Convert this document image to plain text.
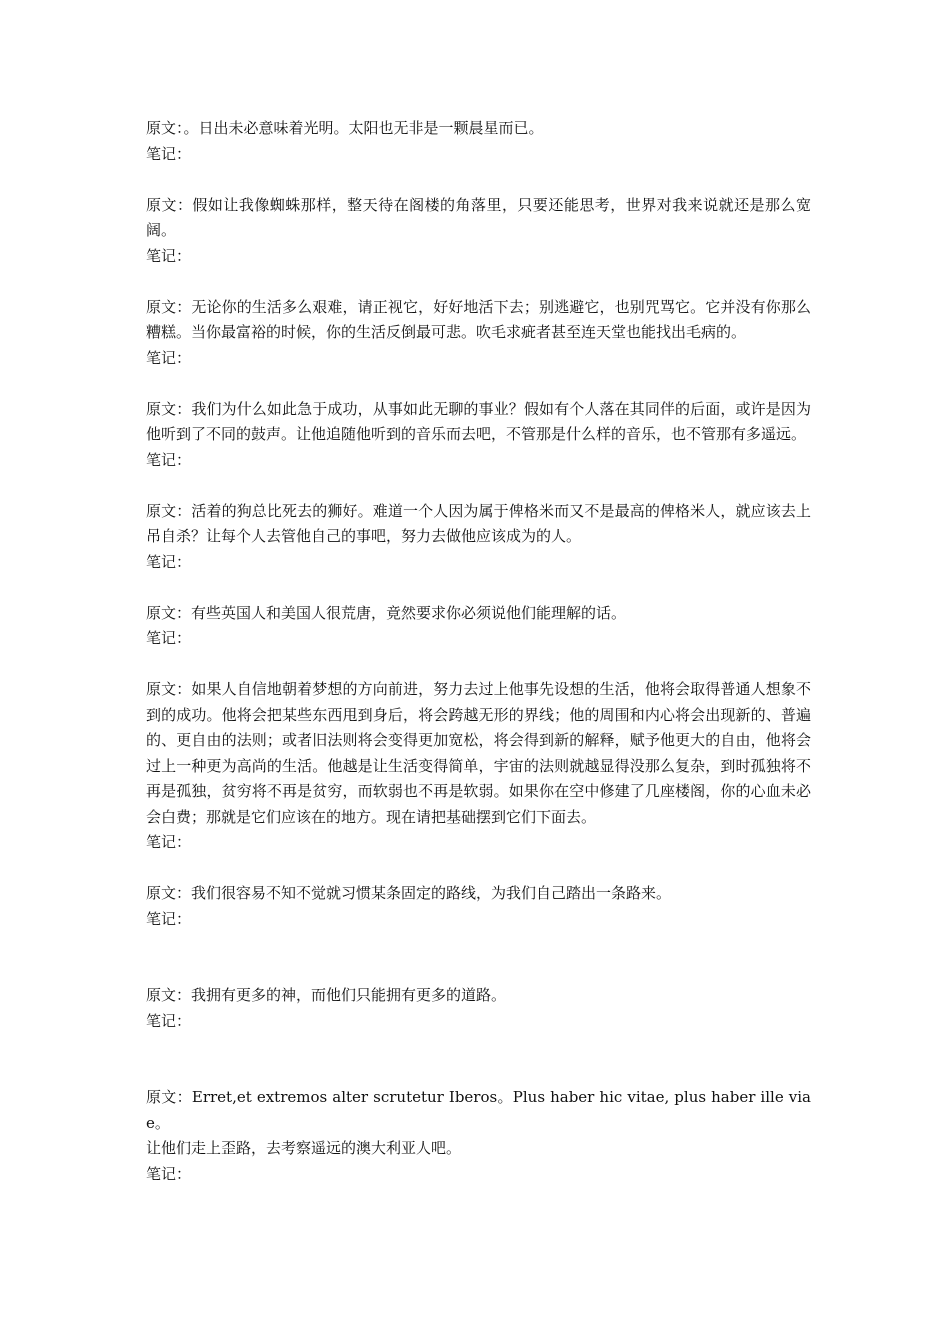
原文：。日出未必意味着光明。太阳也无非是一颗晨星而已。

笔记：

原文：假如让我像蜘蛛那样，整天待在阁楼的角落里，只要还能思考，世界对我来说就还是那么宽阔。

笔记：

原文：无论你的生活多么艰难，请正视它，好好地活下去；别逃避它，也别咒骂它。它并没有你那么糟糕。当你最富裕的时候，你的生活反倒最可悲。吹毛求疵者甚至连天堂也能找出毛病的。

笔记：

原文：我们为什么如此急于成功，从事如此无聊的事业？假如有个人落在其同伴的后面，或许是因为他听到了不同的鼓声。让他追随他听到的音乐而去吧，不管那是什么样的音乐，也不管那有多遥远。

笔记：

原文：活着的狗总比死去的狮好。难道一个人因为属于俾格米而又不是最高的俾格米人，就应该去上吊自杀？让每个人去管他自己的事吧，努力去做他应该成为的人。

笔记：

原文：有些英国人和美国人很荒唐，竟然要求你必须说他们能理解的话。

笔记：

原文：如果人自信地朝着梦想的方向前进，努力去过上他事先设想的生活，他将会取得普通人想象不到的成功。他将会把某些东西甩到身后，将会跨越无形的界线；他的周围和内心将会出现新的、普遍的、更自由的法则；或者旧法则将会变得更加宽松，将会得到新的解释，赋予他更大的自由，他将会过上一种更为高尚的生活。他越是让生活变得简单，宇宙的法则就越显得没那么复杂，到时孤独将不再是孤独，贫穷将不再是贫穷，而软弱也不再是软弱。如果你在空中修建了几座楼阁，你的心血未必会白费；那就是它们应该在的地方。现在请把基础摆到它们下面去。

笔记：

原文：我们很容易不知不觉就习惯某条固定的路线，为我们自己踏出一条路来。

笔记：

原文：我拥有更多的神，而他们只能拥有更多的道路。

笔记：

原文：Erret,et extremos alter scrutetur Iberos。Plus haber hic vitae, plus haber ille viae。

让他们走上歪路，去考察遥远的澳大利亚人吧。

笔记：
